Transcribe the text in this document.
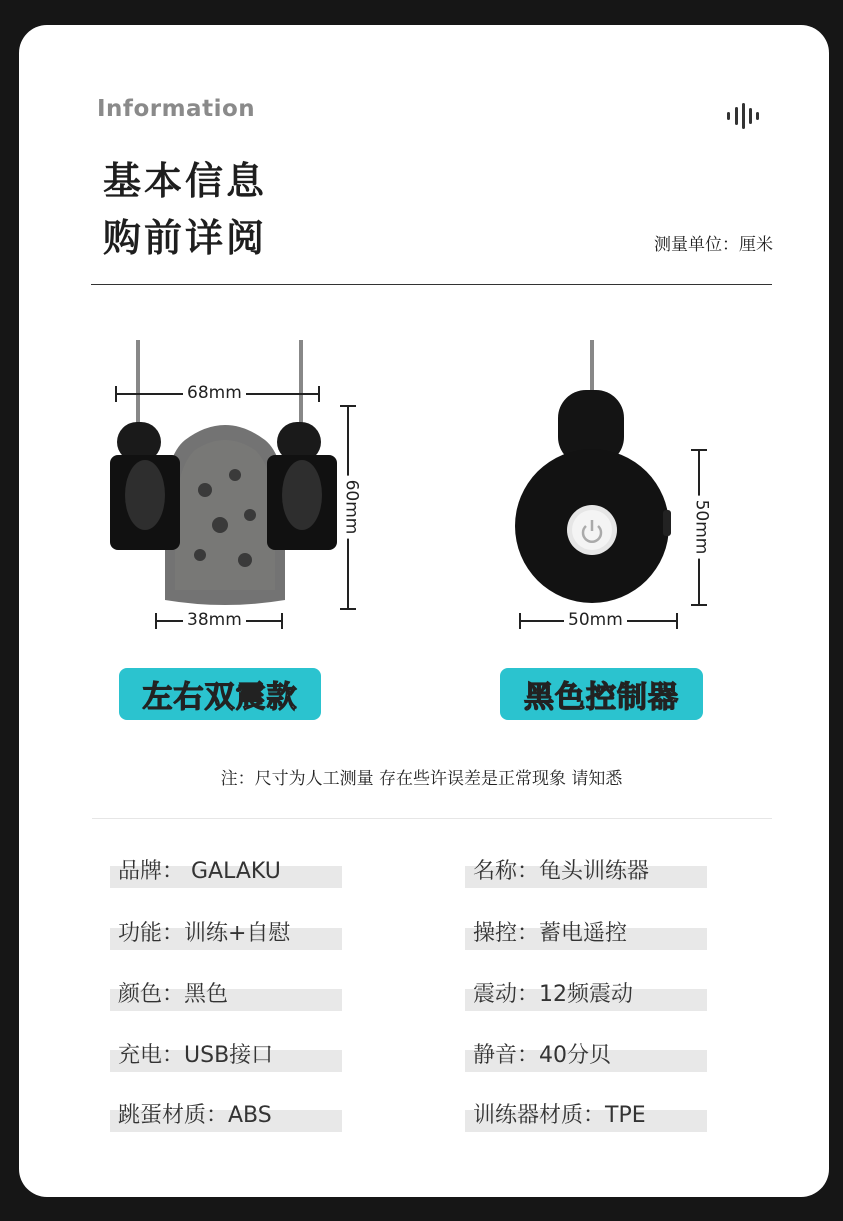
Information
基本信息
购前详阅	测量单位：厘米
68mm
60mm
38mm
50mm
50mm
左右双震款	黑色控制器
注：尺寸为人工测量 存在些许误差是正常现象 请知悉
品牌： GALAKU	名称：龟头训练器
功能：训练+自慰	操控：蓄电遥控
颜色：黑色	震动：12频震动
充电：USB接口	静音：40分贝
跳蛋材质：ABS	训练器材质：TPE
